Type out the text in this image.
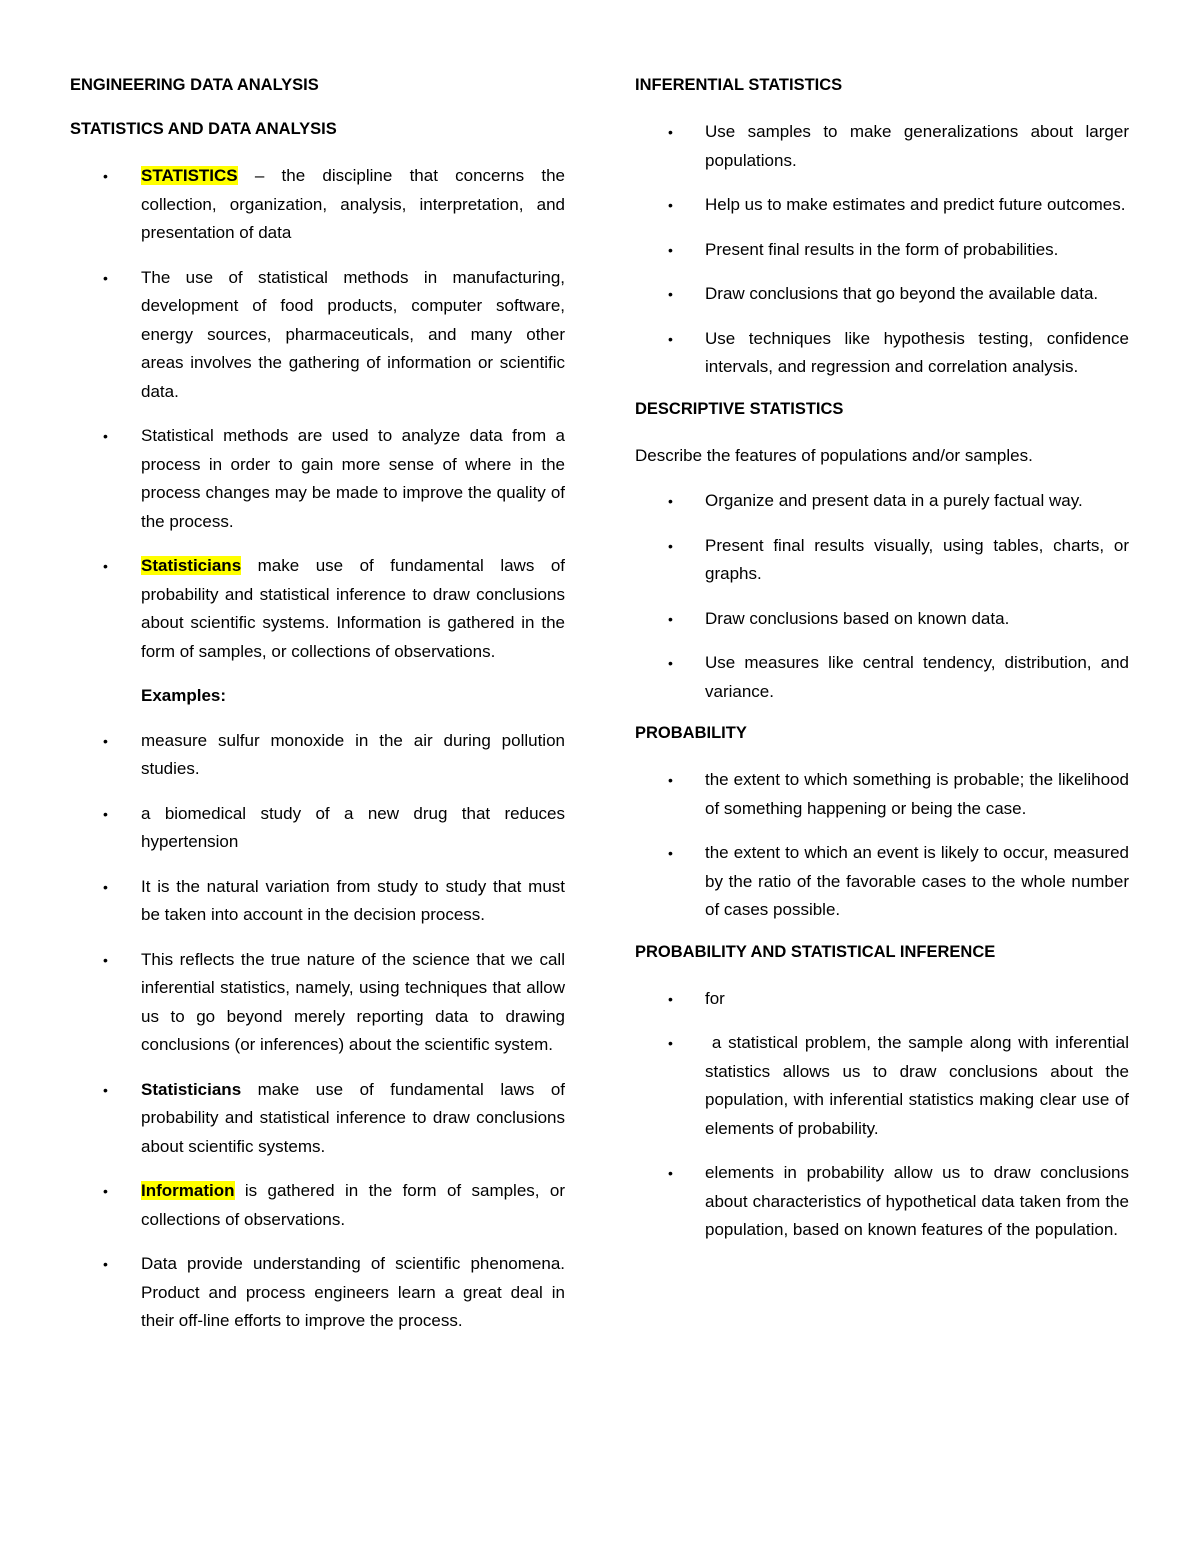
ENGINEERING DATA ANALYSIS
STATISTICS AND DATA ANALYSIS
• STATISTICS – the discipline that concerns the collection, organization, analysis, interpretation, and presentation of data
• The use of statistical methods in manufacturing, development of food products, computer software, energy sources, pharmaceuticals, and many other areas involves the gathering of information or scientific data.
• Statistical methods are used to analyze data from a process in order to gain more sense of where in the process changes may be made to improve the quality of the process.
• Statisticians make use of fundamental laws of probability and statistical inference to draw conclusions about scientific systems. Information is gathered in the form of samples, or collections of observations.
Examples:
• measure sulfur monoxide in the air during pollution studies.
• a biomedical study of a new drug that reduces hypertension
• It is the natural variation from study to study that must be taken into account in the decision process.
• This reflects the true nature of the science that we call inferential statistics, namely, using techniques that allow us to go beyond merely reporting data to drawing conclusions (or inferences) about the scientific system.
• Statisticians make use of fundamental laws of probability and statistical inference to draw conclusions about scientific systems.
• Information is gathered in the form of samples, or collections of observations.
• Data provide understanding of scientific phenomena. Product and process engineers learn a great deal in their off-line efforts to improve the process.
INFERENTIAL STATISTICS
• Use samples to make generalizations about larger populations.
• Help us to make estimates and predict future outcomes.
• Present final results in the form of probabilities.
• Draw conclusions that go beyond the available data.
• Use techniques like hypothesis testing, confidence intervals, and regression and correlation analysis.
DESCRIPTIVE STATISTICS
Describe the features of populations and/or samples.
• Organize and present data in a purely factual way.
• Present final results visually, using tables, charts, or graphs.
• Draw conclusions based on known data.
• Use measures like central tendency, distribution, and variance.
PROBABILITY
• the extent to which something is probable; the likelihood of something happening or being the case.
• the extent to which an event is likely to occur, measured by the ratio of the favorable cases to the whole number of cases possible.
PROBABILITY AND STATISTICAL INFERENCE
• for
• a statistical problem, the sample along with inferential statistics allows us to draw conclusions about the population, with inferential statistics making clear use of elements of probability.
• elements in probability allow us to draw conclusions about characteristics of hypothetical data taken from the population, based on known features of the population.
